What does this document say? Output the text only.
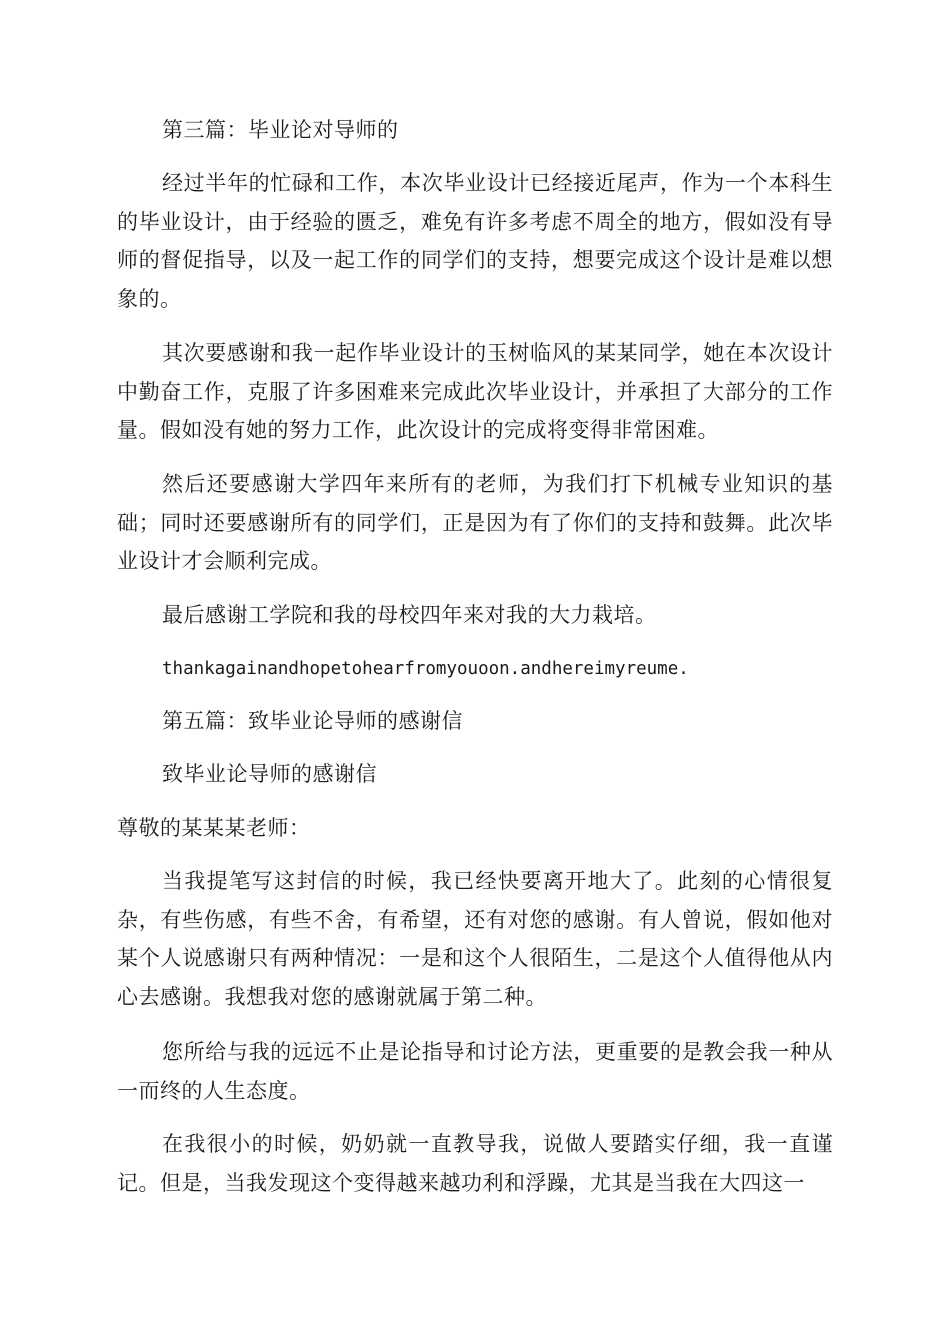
第三篇：毕业论对导师的

经过半年的忙碌和工作，本次毕业设计已经接近尾声，作为一个本科生的毕业设计，由于经验的匮乏，难免有许多考虑不周全的地方，假如没有导师的督促指导，以及一起工作的同学们的支持，想要完成这个设计是难以想象的。

其次要感谢和我一起作毕业设计的玉树临风的某某同学，她在本次设计中勤奋工作，克服了许多困难来完成此次毕业设计，并承担了大部分的工作量。假如没有她的努力工作，此次设计的完成将变得非常困难。

然后还要感谢大学四年来所有的老师，为我们打下机械专业知识的基础；同时还要感谢所有的同学们，正是因为有了你们的支持和鼓舞。此次毕业设计才会顺利完成。

最后感谢工学院和我的母校四年来对我的大力栽培。

thankagainandhopetohearfromyouoon.andhereimyreume.

第五篇：致毕业论导师的感谢信

致毕业论导师的感谢信

尊敬的某某某老师：

当我提笔写这封信的时候，我已经快要离开地大了。此刻的心情很复杂，有些伤感，有些不舍，有希望，还有对您的感谢。有人曾说，假如他对某个人说感谢只有两种情况：一是和这个人很陌生，二是这个人值得他从内心去感谢。我想我对您的感谢就属于第二种。

您所给与我的远远不止是论指导和讨论方法，更重要的是教会我一种从一而终的人生态度。

在我很小的时候，奶奶就一直教导我，说做人要踏实仔细，我一直谨记。但是，当我发现这个变得越来越功利和浮躁，尤其是当我在大四这一
